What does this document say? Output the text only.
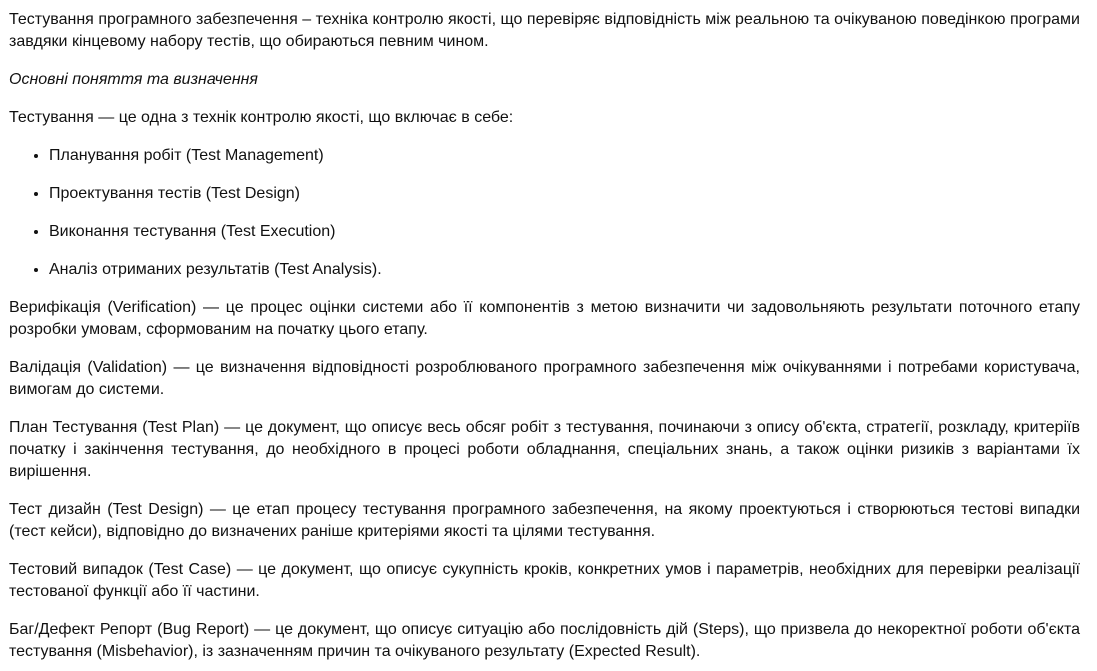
Тестування програмного забезпечення – техніка контролю якості, що перевіряє відповідність між реальною та очікуваною поведінкою програми завдяки кінцевому набору тестів, що обираються певним чином.

Основні поняття та визначення

Тестування — це одна з технік контролю якості, що включає в себе:

• Планування робіт (Test Management)
• Проектування тестів (Test Design)
• Виконання тестування (Test Execution)
• Аналіз отриманих результатів (Test Analysis).

Верифікація (Verification) — це процес оцінки системи або її компонентів з метою визначити чи задовольняють результати поточного етапу розробки умовам, сформованим на початку цього етапу.

Валідація (Validation) — це визначення відповідності розроблюваного програмного забезпечення між очікуваннями і потребами користувача, вимогам до системи.

План Тестування (Test Plan) — це документ, що описує весь обсяг робіт з тестування, починаючи з опису об'єкта, стратегії, розкладу, критеріїв початку і закінчення тестування, до необхідного в процесі роботи обладнання, спеціальних знань, а також оцінки ризиків з варіантами їх вирішення.

Тест дизайн (Test Design) — це етап процесу тестування програмного забезпечення, на якому проектуються і створюються тестові випадки (тест кейси), відповідно до визначених раніше критеріями якості та цілями тестування.

Тестовий випадок (Test Case) — це документ, що описує сукупність кроків, конкретних умов і параметрів, необхідних для перевірки реалізації тестованої функції або її частини.

Баг/Дефект Репорт (Bug Report) — це документ, що описує ситуацію або послідовність дій (Steps), що призвела до некоректної роботи об'єкта тестування (Misbehavior), із зазначенням причин та очікуваного результату (Expected Result).
